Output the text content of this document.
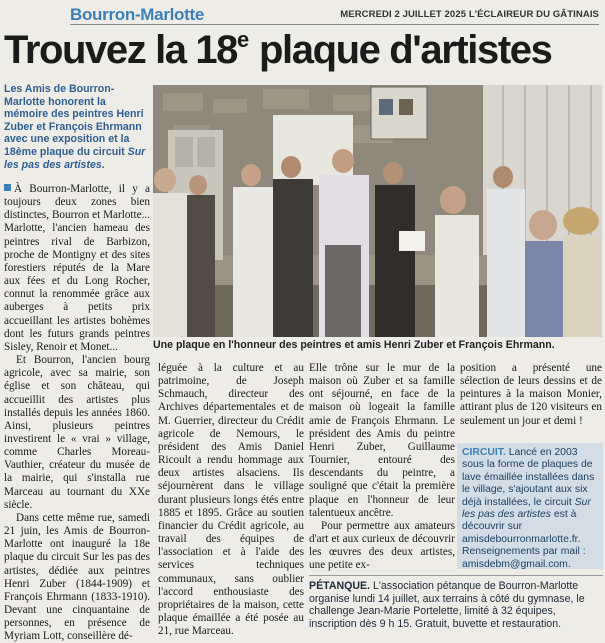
Bourron-Marlotte	MERCREDI 2 JUILLET 2025 L'ÉCLAIREUR DU GÂTINAIS
Trouvez la 18e plaque d'artistes
Les Amis de Bourron-Marlotte honorent la mémoire des peintres Henri Zuber et François Ehrmann avec une exposition et la 18ème plaque du circuit Sur les pas des artistes.
Une plaque en l'honneur des peintres et amis Henri Zuber et François Ehrmann.

À Bourron-Marlotte, il y a toujours deux zones bien distinctes, Bourron et Marlotte... Marlotte, l'ancien hameau des peintres rival de Barbizon, proche de Montigny et des sites forestiers réputés de la Mare aux fées et du Long Rocher, connut la renommée grâce aux auberges à petits prix accueillant les artistes bohèmes dont les futurs grands peintres Sisley, Renoir et Monet...

Et Bourron, l'ancien bourg agricole, avec sa mairie, son église et son château, qui accueillit des artistes plus installés depuis les années 1860. Ainsi, plusieurs peintres investirent le « vrai » village, comme Charles Moreau-Vauthier, créateur du musée de la mairie, qui s'installa rue Marceau au tournant du XXe siècle.

Dans cette même rue, samedi 21 juin, les Amis de Bourron-Marlotte ont inauguré la 18e plaque du circuit Sur les pas des artistes, dédiée aux peintres Henri Zuber (1844-1909) et François Ehrmann (1833-1910). Devant une cinquantaine de personnes, en présence de Myriam Lott, conseillère dé-

léguée à la culture et au patrimoine, de Joseph Schmauch, directeur des Archives départementales et de M. Guerrier, directeur du Crédit agricole de Nemours, le président des Amis Daniel Ricoult a rendu hommage aux deux artistes alsaciens. Ils séjournèrent dans le village durant plusieurs longs étés entre 1885 et 1895. Grâce au soutien financier du Crédit agricole, au travail des équipes de l'association et à l'aide des services techniques communaux, sans oublier l'accord enthousiaste des propriétaires de la maison, cette plaque émaillée a été posée au 21, rue Marceau.

Elle trône sur le mur de la maison où Zuber et sa famille ont séjourné, en face de la maison où logeait la famille amie de François Ehrmann. Le président des Amis du peintre Henri Zuber, Guillaume Tournier, entouré des descendants du peintre, a souligné que c'était la première plaque en l'honneur de leur talentueux ancêtre.

Pour permettre aux amateurs d'art et aux curieux de découvrir les œuvres des deux artistes, une petite ex-

position a présenté une sélection de leurs dessins et de peintures à la maison Monier, attirant plus de 120 visiteurs en seulement un jour et demi !

CIRCUIT. Lancé en 2003 sous la forme de plaques de lave émaillée installées dans le village, s'ajoutant aux six déjà installées, le circuit Sur les pas des artistes est à découvrir sur amisdebourronmarlotte.fr. Renseignements par mail : amisdebm@gmail.com.
PÉTANQUE. L'association pétanque de Bourron-Marlotte organise lundi 14 juillet, aux terrains à côté du gymnase, le challenge Jean-Marie Portelette, limité à 32 équipes, inscription dès 9 h 15. Gratuit, buvette et restauration.
